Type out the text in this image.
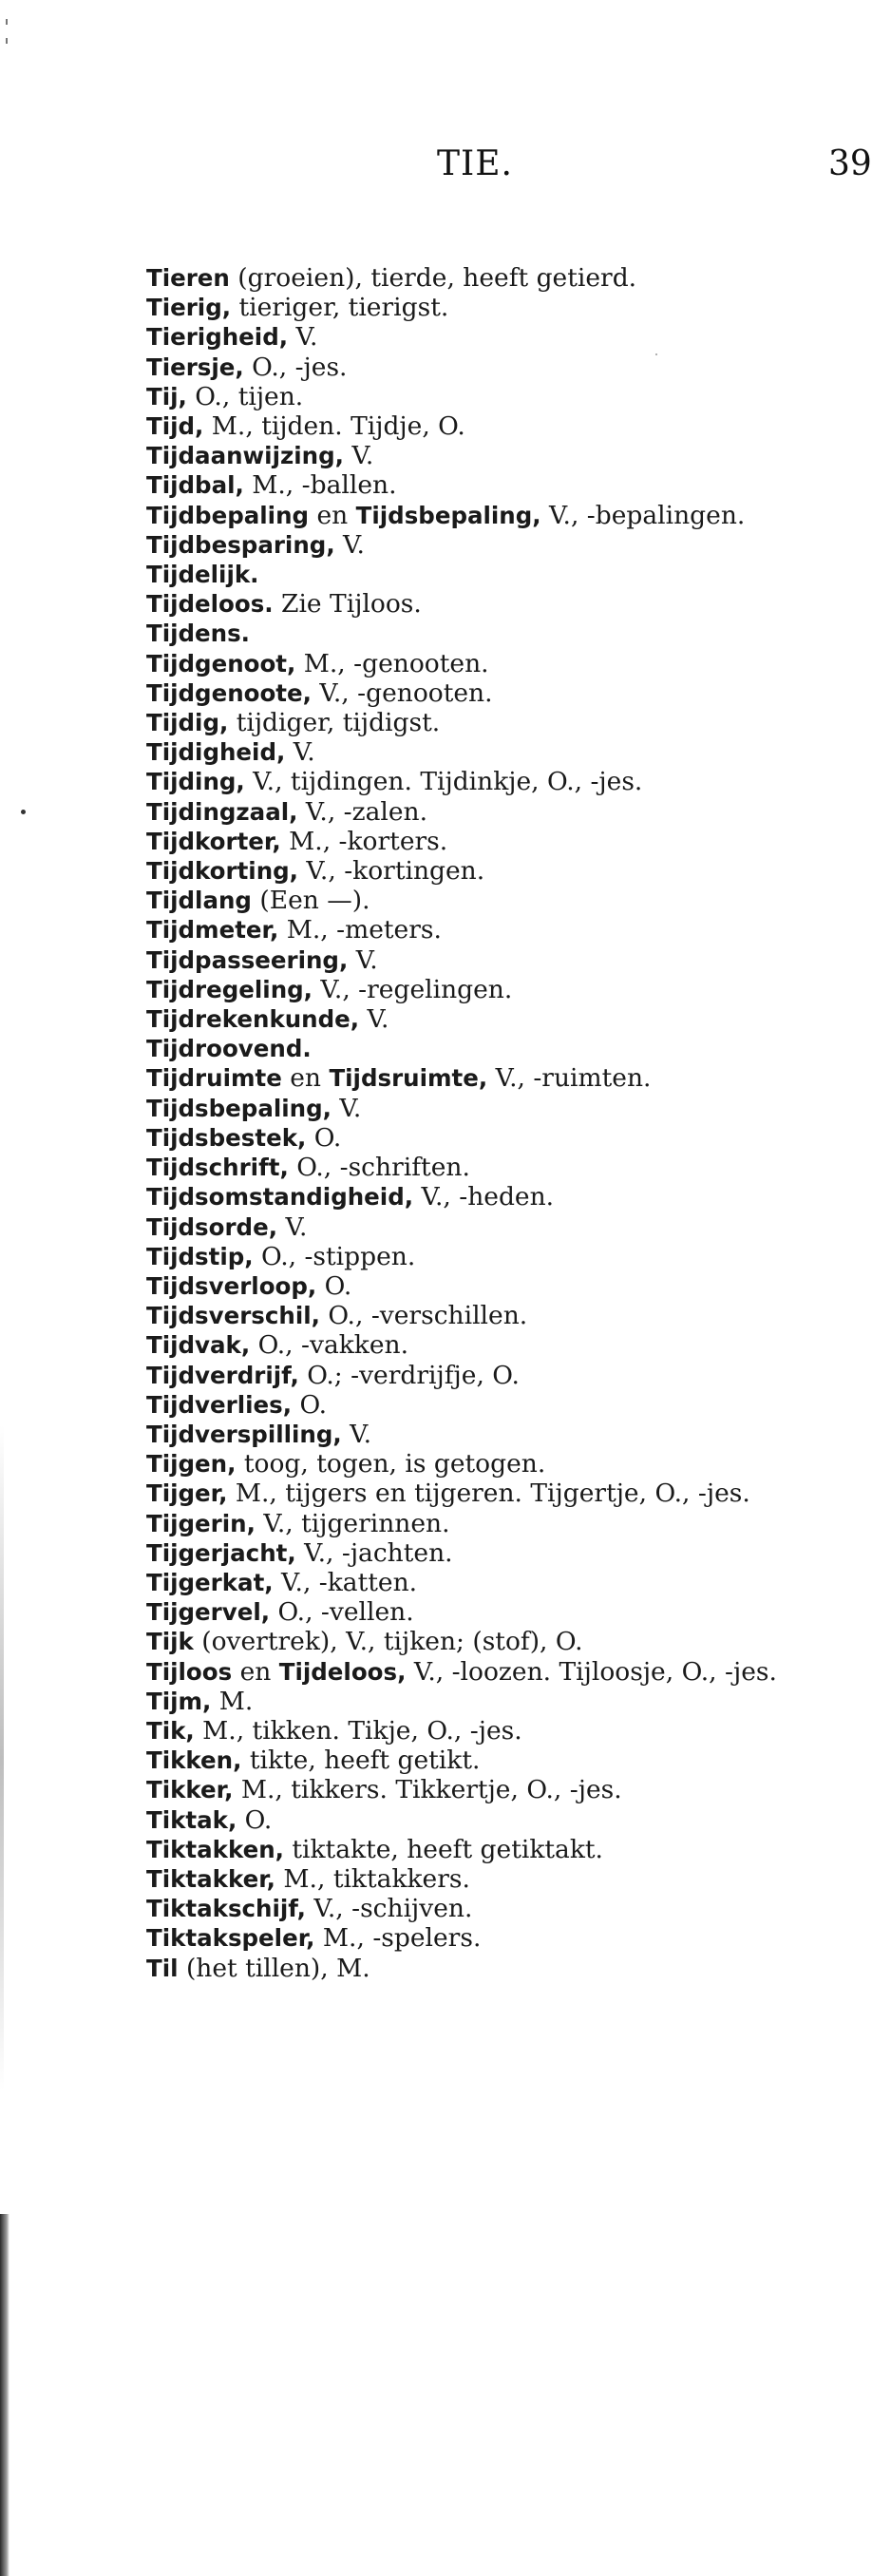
TIE.	39
Tieren (groeien), tierde, heeft getierd.
Tierig, tieriger, tierigst.
Tierigheid, V.
Tiersje, O., -jes.
Tij, O., tijen.
Tijd, M., tijden. Tijdje, O.
Tijdaanwijzing, V.
Tijdbal, M., -ballen.
Tijdbepaling en Tijdsbepaling, V., -bepalingen.
Tijdbesparing, V.
Tijdelijk.
Tijdeloos. Zie Tijloos.
Tijdens.
Tijdgenoot, M., -genooten.
Tijdgenoote, V., -genooten.
Tijdig, tijdiger, tijdigst.
Tijdigheid, V.
Tijding, V., tijdingen. Tijdinkje, O., -jes.
Tijdingzaal, V., -zalen.
Tijdkorter, M., -korters.
Tijdkorting, V., -kortingen.
Tijdlang (Een —).
Tijdmeter, M., -meters.
Tijdpasseering, V.
Tijdregeling, V., -regelingen.
Tijdrekenkunde, V.
Tijdroovend.
Tijdruimte en Tijdsruimte, V., -ruimten.
Tijdsbepaling, V.
Tijdsbestek, O.
Tijdschrift, O., -schriften.
Tijdsomstandigheid, V., -heden.
Tijdsorde, V.
Tijdstip, O., -stippen.
Tijdsverloop, O.
Tijdsverschil, O., -verschillen.
Tijdvak, O., -vakken.
Tijdverdrijf, O.; -verdrijfje, O.
Tijdverlies, O.
Tijdverspilling, V.
Tijgen, toog, togen, is getogen.
Tijger, M., tijgers en tijgeren. Tijgertje, O., -jes.
Tijgerin, V., tijgerinnen.
Tijgerjacht, V., -jachten.
Tijgerkat, V., -katten.
Tijgervel, O., -vellen.
Tijk (overtrek), V., tijken; (stof), O.
Tijloos en Tijdeloos, V., -loozen. Tijloosje, O., -jes.
Tijm, M.
Tik, M., tikken. Tikje, O., -jes.
Tikken, tikte, heeft getikt.
Tikker, M., tikkers. Tikkertje, O., -jes.
Tiktak, O.
Tiktakken, tiktakte, heeft getiktakt.
Tiktakker, M., tiktakkers.
Tiktakschijf, V., -schijven.
Tiktakspeler, M., -spelers.
Til (het tillen), M.
